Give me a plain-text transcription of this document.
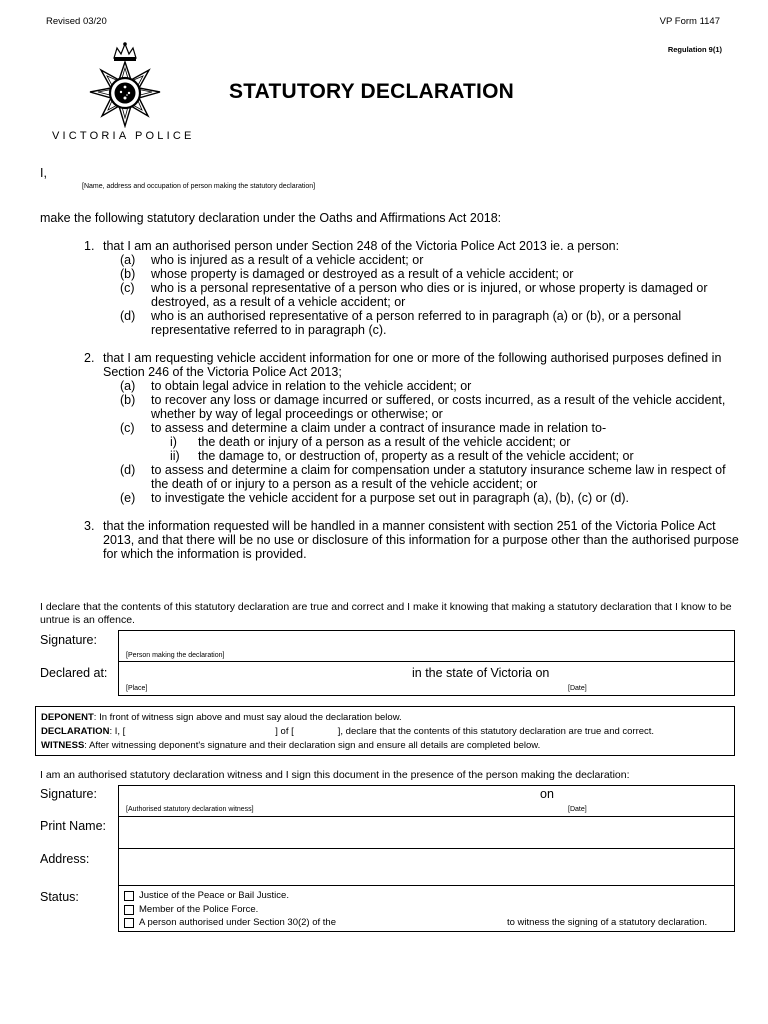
Revised 03/20	VP Form 1147
Regulation 9(1)
VICTORIA POLICE
STATUTORY DECLARATION
I,
[Name, address and occupation of person making the statutory declaration]
make the following statutory declaration under the Oaths and Affirmations Act 2018:
1. that I am an authorised person under Section 248 of the Victoria Police Act 2013 ie. a person:
(a) who is injured as a result of a vehicle accident; or
(b) whose property is damaged or destroyed as a result of a vehicle accident; or
(c) who is a personal representative of a person who dies or is injured, or whose property is damaged or destroyed, as a result of a vehicle accident; or
(d) who is an authorised representative of a person referred to in paragraph (a) or (b), or a personal representative referred to in paragraph (c).
2. that I am requesting vehicle accident information for one or more of the following authorised purposes defined in Section 246 of the Victoria Police Act 2013;
(a) to obtain legal advice in relation to the vehicle accident; or
(b) to recover any loss or damage incurred or suffered, or costs incurred, as a result of the vehicle accident, whether by way of legal proceedings or otherwise; or
(c) to assess and determine a claim under a contract of insurance made in relation to-
i) the death or injury of a person as a result of the vehicle accident; or
ii) the damage to, or destruction of, property as a result of the vehicle accident; or
(d) to assess and determine a claim for compensation under a statutory insurance scheme law in respect of the death of or injury to a person as a result of the vehicle accident; or
(e) to investigate the vehicle accident for a purpose set out in paragraph (a), (b), (c) or (d).
3. that the information requested will be handled in a manner consistent with section 251 of the Victoria Police Act 2013, and that there will be no use or disclosure of this information for a purpose other than the authorised purpose for which the information is provided.
I declare that the contents of this statutory declaration are true and correct and I make it knowing that making a statutory declaration that I know to be untrue is an offence.
Signature:
[Person making the declaration]
Declared at:	in the state of Victoria on
[Place]	[Date]
DEPONENT: In front of witness sign above and must say aloud the declaration below.
DECLARATION: I, [	] of [	], declare that the contents of this statutory declaration are true and correct.
WITNESS: After witnessing deponent's signature and their declaration sign and ensure all details are completed below.
I am an authorised statutory declaration witness and I sign this document in the presence of the person making the declaration:
Signature:	on
[Authorised statutory declaration witness]	[Date]
Print Name:
Address:
Status:	Justice of the Peace or Bail Justice.
Member of the Police Force.
A person authorised under Section 30(2) of the	to witness the signing of a statutory declaration.
